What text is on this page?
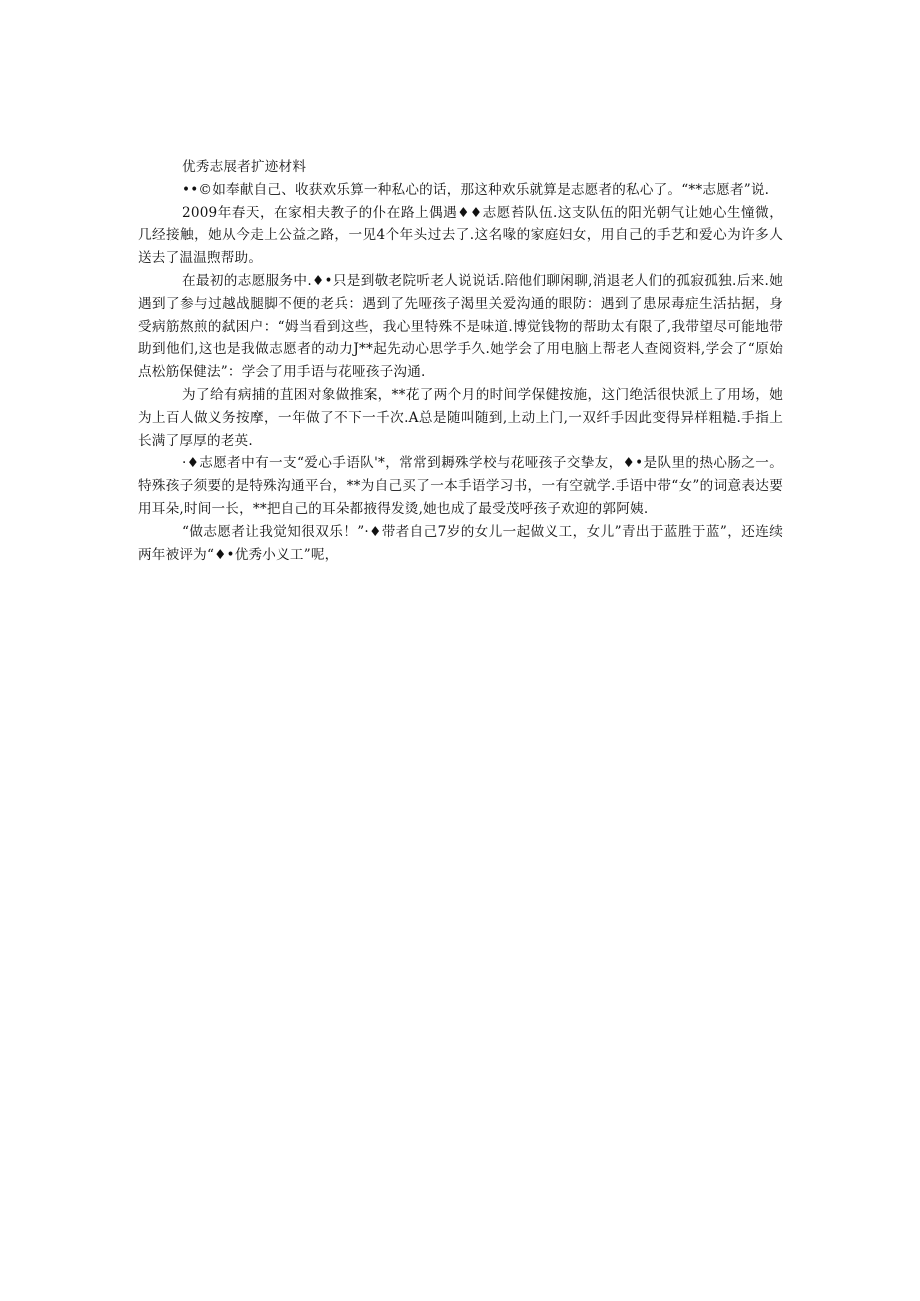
优秀志展者扩迹材料

••©如奉献自己、收获欢乐算一种私心的话，那这种欢乐就算是志愿者的私心了。“**志愿者”说.

2009年春天，在家相夫教子的仆在路上偶遇♦♦志愿苔队伍.这支队伍的阳光朝气让她心生憧微，几经接触，她从今走上公益之路，一见4个年头过去了.这名喙的家庭妇女，用自己的手艺和爱心为许多人送去了温温煦帮助。

在最初的志愿服务中.♦•只是到敬老院听老人说说话.陪他们聊闲聊,消退老人们的孤寂孤独.后来.她遇到了参与过越战腿脚不便的老兵：遇到了先哑孩子渴里关爱沟通的眼防：遇到了患尿毒症生活拈据，身受病筋熬煎的弑困户：“姆当看到这些，我心里特殊不是味道.博觉钱物的帮助太有限了,我带望尽可能地带助到他们,这也是我做志愿者的动力J**起先动心思学手久.她学会了用电脑上帮老人查阅资料,学会了“原始点松筋保健法”：学会了用手语与花哑孩子沟通.

为了给有病捕的苴困对象做推案，**花了两个月的时间学保健按施，这门绝活很快派上了用场，她为上百人做义务按摩，一年做了不下一千次.A总是随叫随到,上动上门,一双纤手因此变得异样粗糙.手指上长满了厚厚的老英.

·♦志愿者中有一支“爱心手语队'*，常常到耨殊学校与花哑孩子交挚友，♦•是队里的热心肠之一。特殊孩子须要的是特殊沟通平台，**为自己买了一本手语学习书，一有空就学.手语中带“女”的词意表达要用耳朵,时间一长，**把自己的耳朵都掖得发烫,她也成了最受茂呼孩子欢迎的郭阿姨.

“做志愿者让我觉知很双乐！”·♦带者自己7岁的女儿一起做义工，女儿”青出于蓝胜于蓝”，还连续两年被评为“♦•优秀小义工”呢，
